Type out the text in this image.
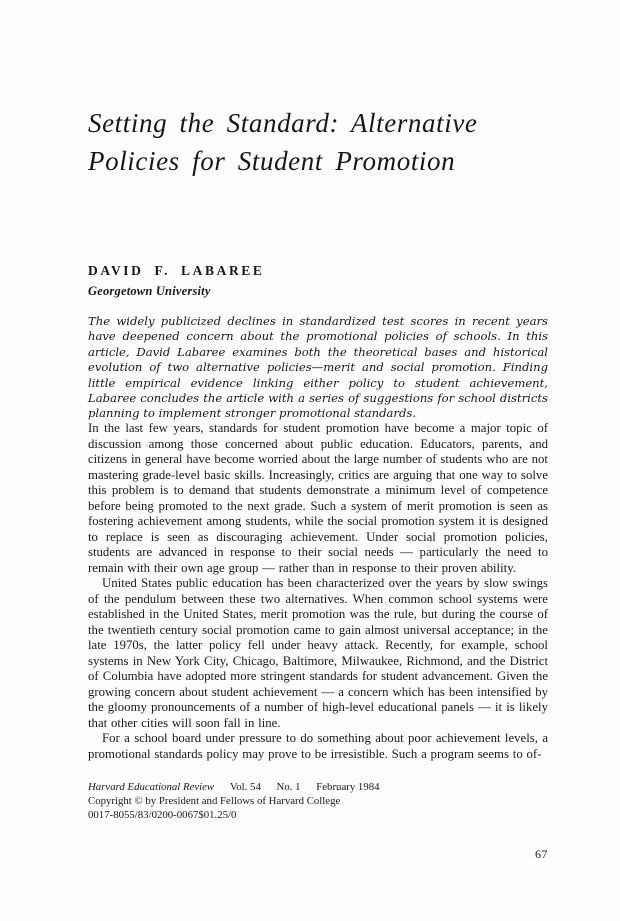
Setting the Standard: Alternative
Policies for Student Promotion
DAVID F. LABAREE
Georgetown University
The widely publicized declines in standardized test scores in recent years have deepened concern about the promotional policies of schools. In this article, David Labaree examines both the theoretical bases and historical evolution of two alternative policies—merit and social promotion. Finding little empirical evidence linking either policy to student achievement, Labaree concludes the article with a series of suggestions for school districts planning to implement stronger promotional standards.

In the last few years, standards for student promotion have become a major topic of discussion among those concerned about public education. Educators, parents, and citizens in general have become worried about the large number of students who are not mastering grade-level basic skills. Increasingly, critics are arguing that one way to solve this problem is to demand that students demonstrate a minimum level of competence before being promoted to the next grade. Such a system of merit promotion is seen as fostering achievement among students, while the social promotion system it is designed to replace is seen as discouraging achievement. Under social promotion policies, students are advanced in response to their social needs — particularly the need to remain with their own age group — rather than in response to their proven ability.

United States public education has been characterized over the years by slow swings of the pendulum between these two alternatives. When common school systems were established in the United States, merit promotion was the rule, but during the course of the twentieth century social promotion came to gain almost universal acceptance; in the late 1970s, the latter policy fell under heavy attack. Recently, for example, school systems in New York City, Chicago, Baltimore, Milwaukee, Richmond, and the District of Columbia have adopted more stringent standards for student advancement. Given the growing concern about student achievement — a concern which has been intensified by the gloomy pronouncements of a number of high-level educational panels — it is likely that other cities will soon fall in line.

For a school board under pressure to do something about poor achievement levels, a promotional standards policy may prove to be irresistible. Such a program seems to of-

Harvard Educational Review Vol. 54 No. 1 February 1984
Copyright © by President and Fellows of Harvard College
0017-8055/83/0200-0067$01.25/0
67
